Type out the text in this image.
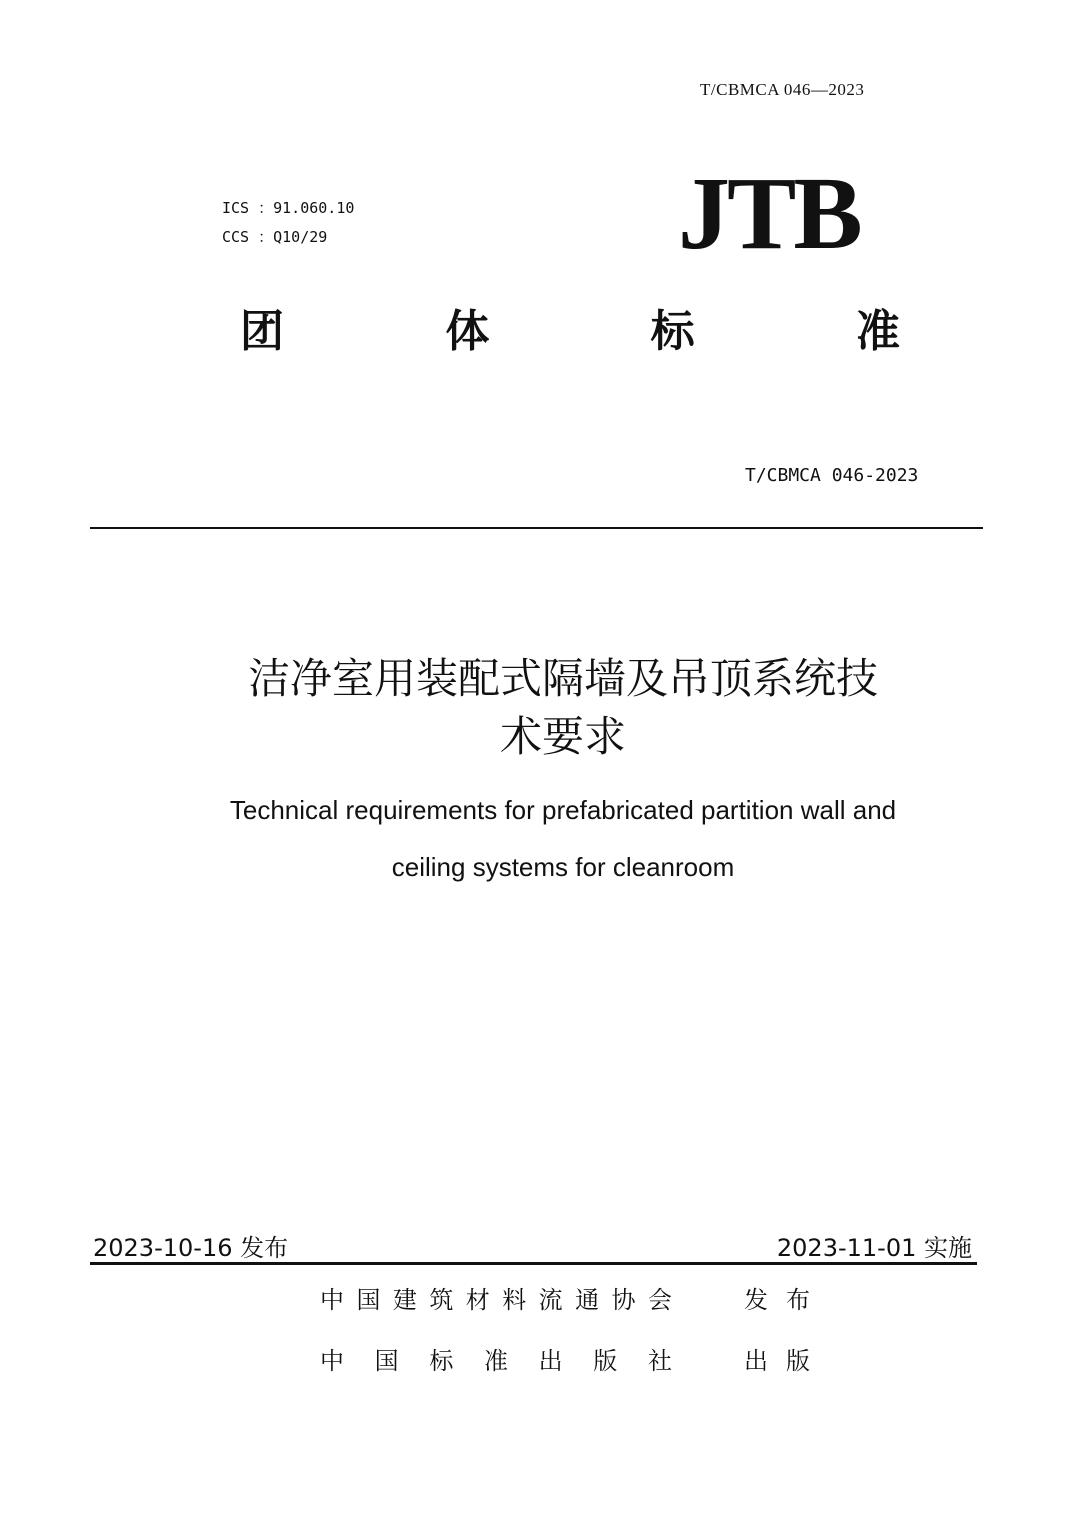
T/CBMCA 046—2023
ICS ：91.060.10
CCS ：Q10/29	JTB
团	体	标	准
T/CBMCA 046-2023
洁净室用装配式隔墙及吊顶系统技
术要求
Technical requirements for prefabricated partition wall and
ceiling systems for cleanroom
2023-10-16 发布	2023-11-01 实施
中 国 建 筑 材 料 流 通 协 会	发 布
中 国 标 准 出 版 社	出 版
